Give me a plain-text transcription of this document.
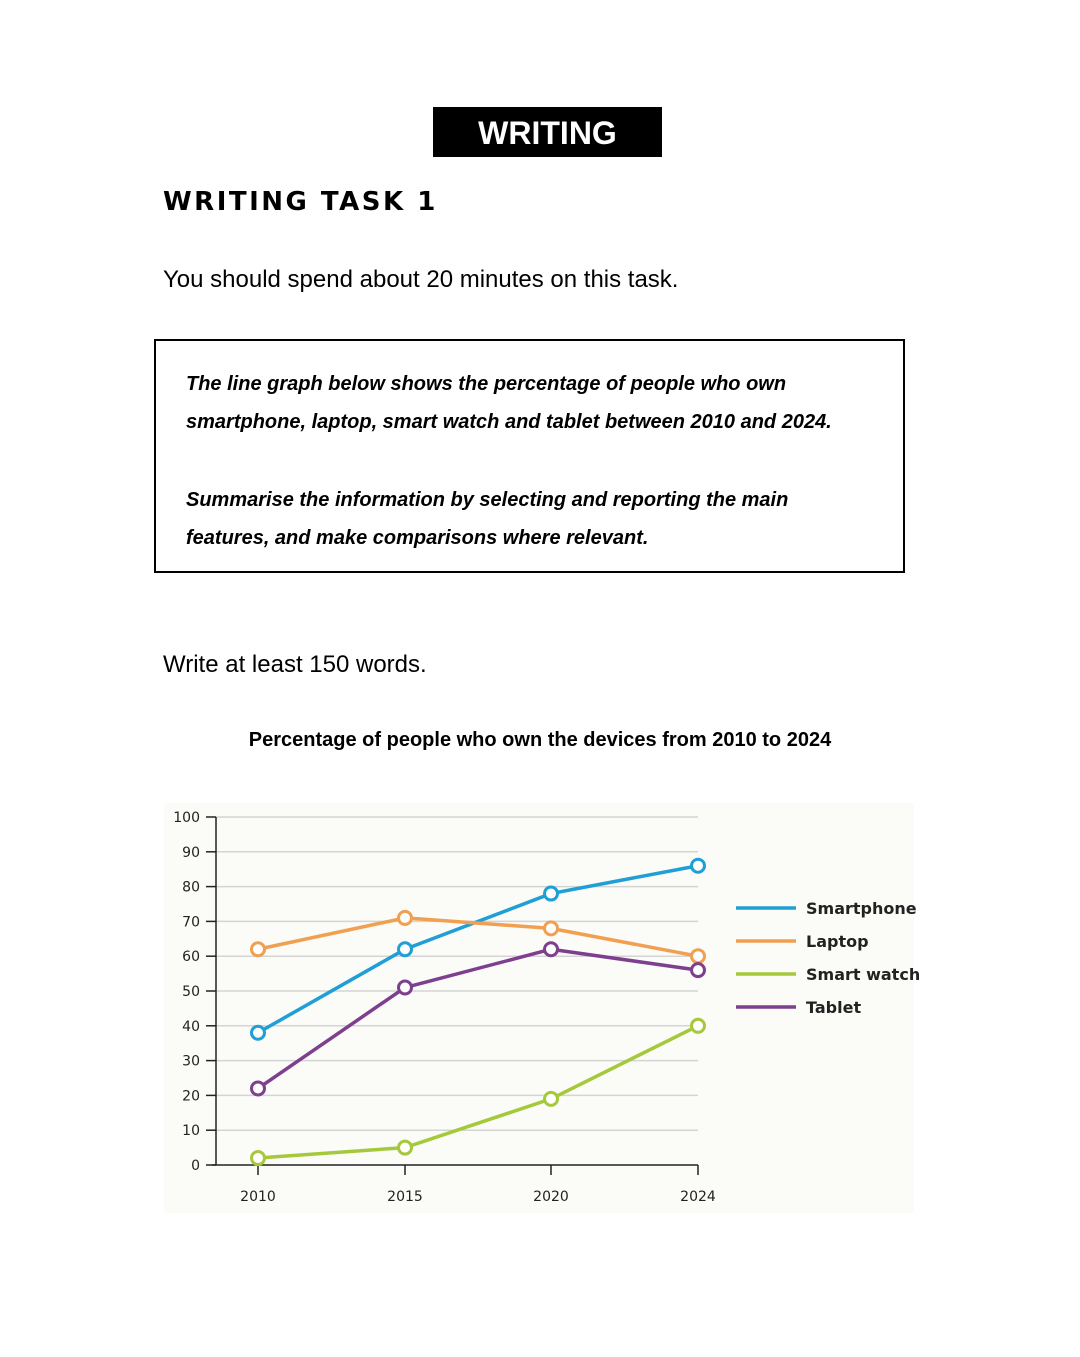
WRITING
WRITING TASK 1
You should spend about 20 minutes on this task.

The line graph below shows the percentage of people who own
smartphone, laptop, smart watch and tablet between 2010 and 2024.

Summarise the information by selecting and reporting the main
features, and make comparisons where relevant.

Write at least 150 words.
Percentage of people who own the devices from 2010 to 2024
0
10
20
30
40
50
60
70
80
90
100
2010	2015	2020	2024
Smartphone
Laptop
Smart watch
Tablet
